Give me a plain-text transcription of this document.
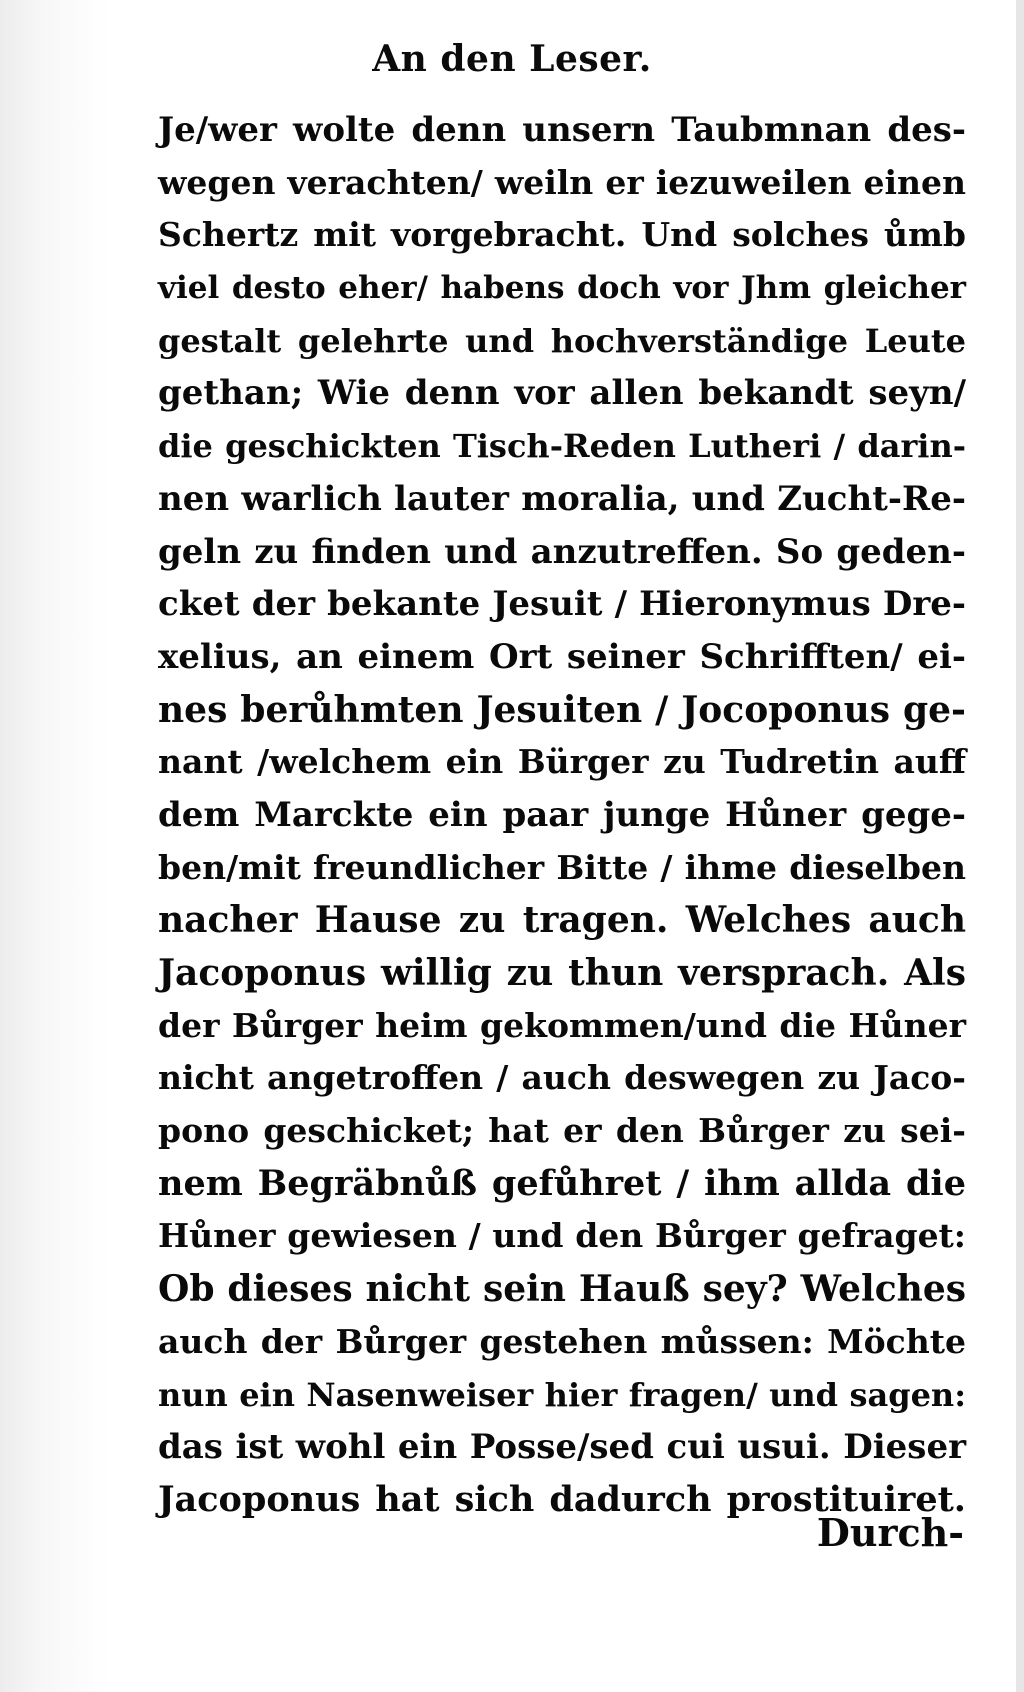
An den Leser.
Je/wer wolte denn unsern Taubmnan des-
wegen verachten/ weiln er iezuweilen einen
Schertz mit vorgebracht. Und solches ůmb
viel desto eher/ habens doch vor Jhm gleicher
gestalt gelehrte und hochverständige Leute
gethan; Wie denn vor allen bekandt seyn/
die geschickten Tisch-Reden Lutheri / darin-
nen warlich lauter moralia, und Zucht-Re-
geln zu finden und anzutreffen. So geden-
cket der bekante Jesuit / Hieronymus Dre-
xelius, an einem Ort seiner Schrifften/ ei-
nes berůhmten Jesuiten / Jocoponus ge-
nant /welchem ein Bürger zu Tudretin auff
dem Marckte ein paar junge Hůner gege-
ben/mit freundlicher Bitte / ihme dieselben
nacher Hause zu tragen. Welches auch
Jacoponus willig zu thun versprach. Als
der Bůrger heim gekommen/und die Hůner
nicht angetroffen / auch deswegen zu Jaco-
pono geschicket; hat er den Bůrger zu sei-
nem Begräbnůß gefůhret / ihm allda die
Hůner gewiesen / und den Bůrger gefraget:
Ob dieses nicht sein Hauß sey? Welches
auch der Bůrger gestehen můssen: Möchte
nun ein Nasenweiser hier fragen/ und sagen:
das ist wohl ein Posse/sed cui usui. Dieser
Jacoponus hat sich dadurch prostituiret.
Durch-
